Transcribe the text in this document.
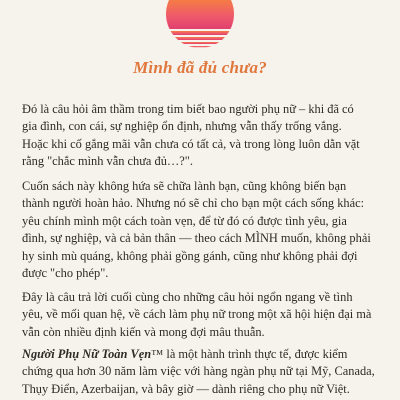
Mình đã đủ chưa?
Đó là câu hỏi âm thầm trong tim biết bao người phụ nữ – khi đã có
gia đình, con cái, sự nghiệp ổn định, nhưng vẫn thấy trống vắng.
Hoặc khi cố gắng mãi vẫn chưa có tất cả, và trong lòng luôn dằn vặt
rằng "chắc mình vẫn chưa đủ…?".
Cuốn sách này không hứa sẽ chữa lành bạn, cũng không biến bạn
thành người hoàn hảo. Nhưng nó sẽ chỉ cho bạn một cách sống khác:
yêu chính mình một cách toàn vẹn, để từ đó có được tình yêu, gia
đình, sự nghiệp, và cả bản thân — theo cách MÌNH muốn, không phải
hy sinh mù quáng, không phải gồng gánh, cũng như không phải đợi
được "cho phép".
Đây là câu trả lời cuối cùng cho những câu hỏi ngổn ngang về tình
yêu, về mối quan hệ, về cách làm phụ nữ trong một xã hội hiện đại mà
vẫn còn nhiều định kiến và mong đợi mâu thuẫn.
Người Phụ Nữ Toàn Vẹn™ là một hành trình thực tế, được kiểm
chứng qua hơn 30 năm làm việc với hàng ngàn phụ nữ tại Mỹ, Canada,
Thụy Điển, Azerbaijan, và bây giờ — dành riêng cho phụ nữ Việt.
